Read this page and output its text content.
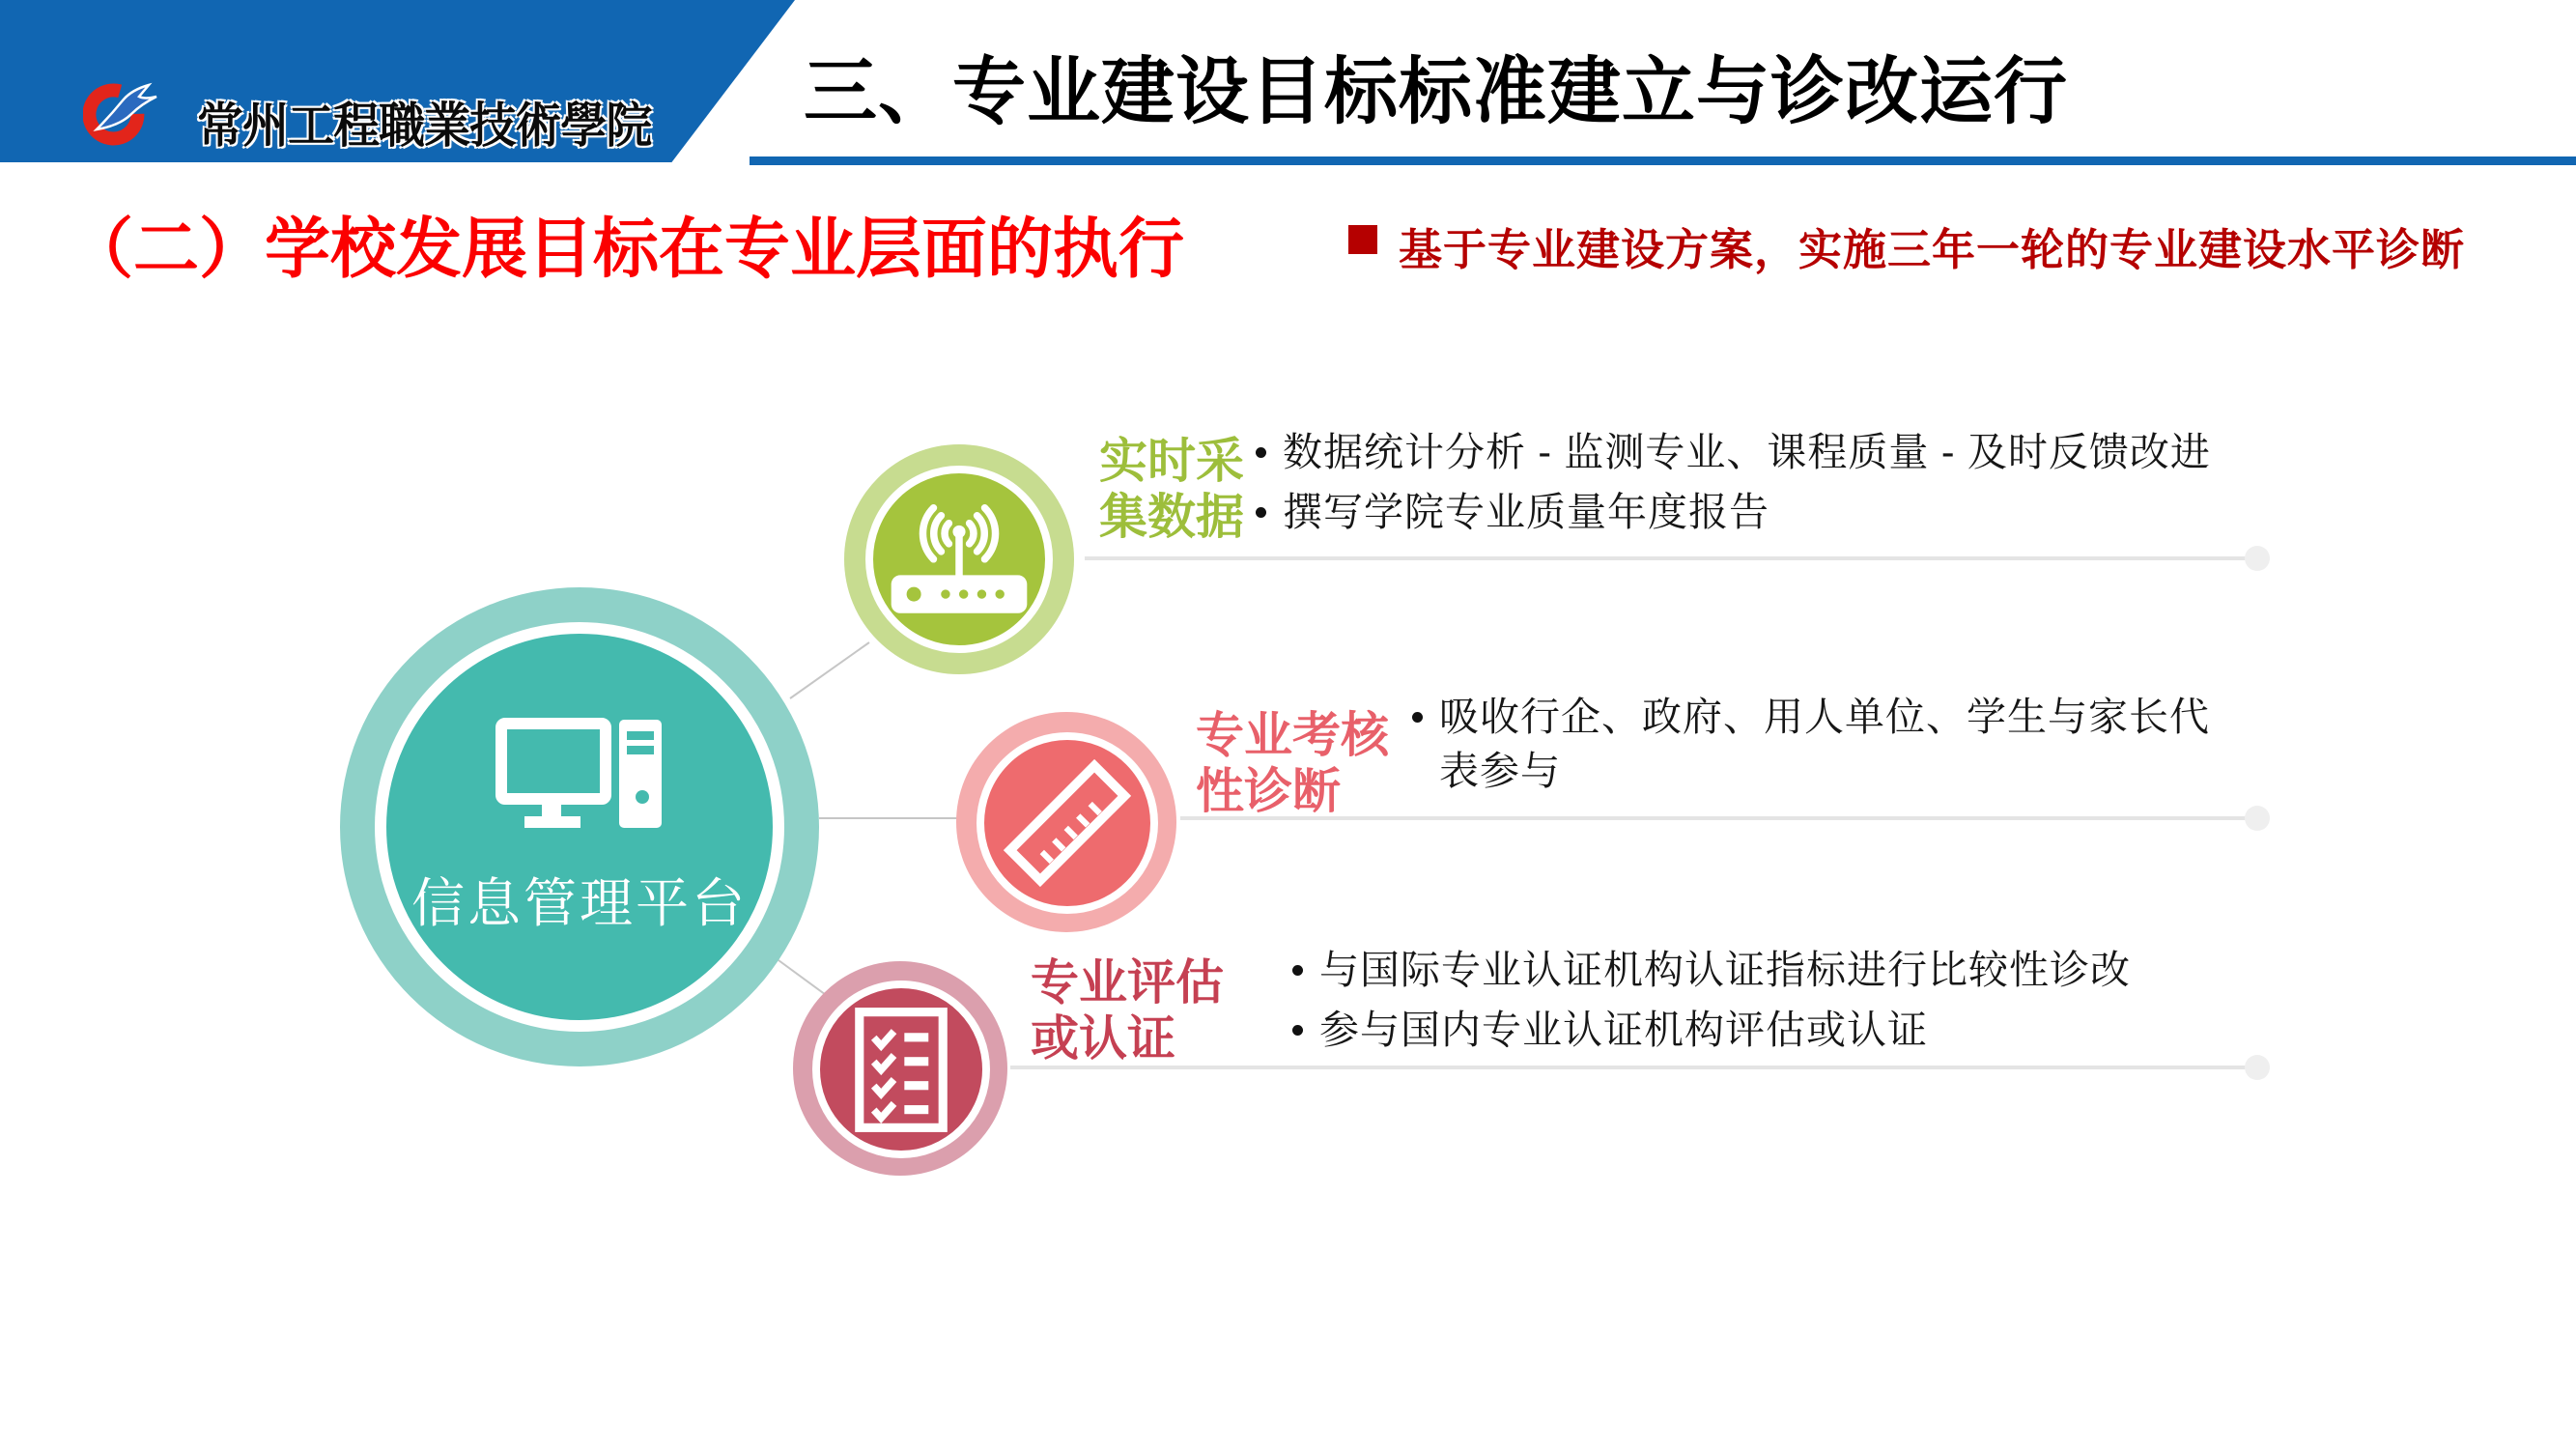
常州工程職業技術學院 三、专业建设目标标准建立与诊改运行
（二）学校发展目标在专业层面的执行	基于专业建设方案，实施三年一轮的专业建设水平诊断
信息管理平台
实时采
集数据
专业考核
性诊断
专业评估
或认证
数据统计分析 - 监测专业、课程质量 - 及时反馈改进
撰写学院专业质量年度报告
吸收行企、政府、用人单位、学生与家长代表参与
与国际专业认证机构认证指标进行比较性诊改
参与国内专业认证机构评估或认证
